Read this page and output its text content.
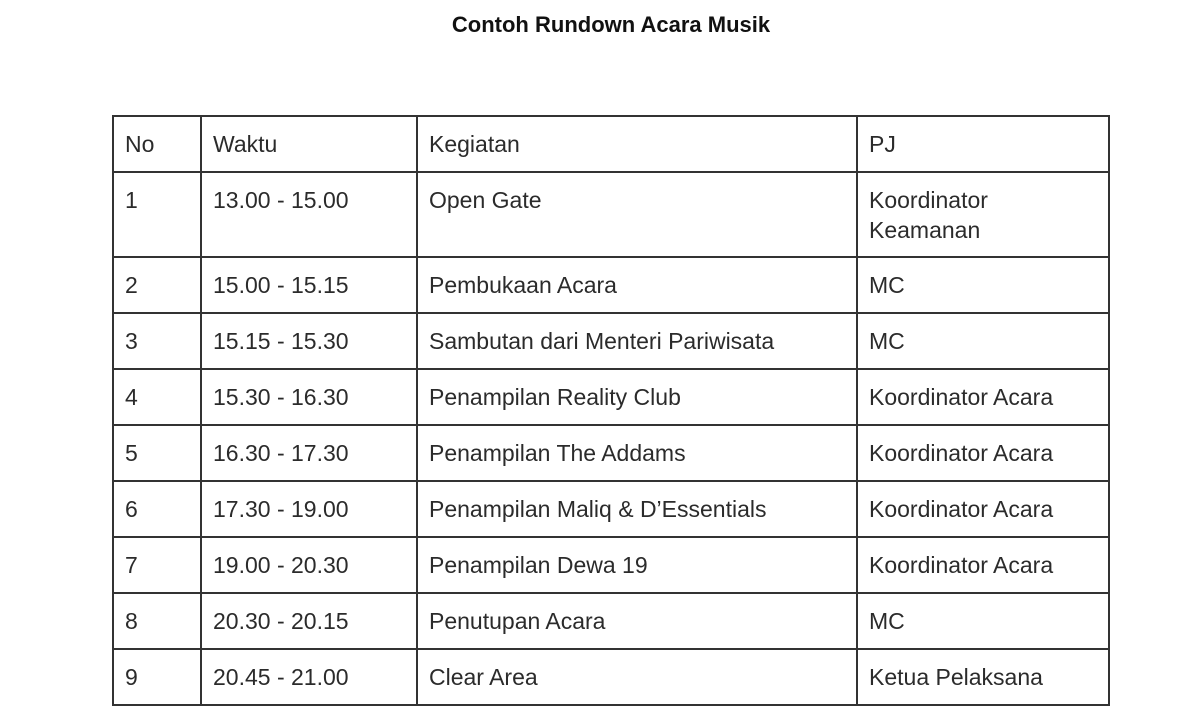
Contoh Rundown Acara Musik
No	Waktu	Kegiatan	PJ
1	13.00 - 15.00	Open Gate	Koordinator Keamanan
2	15.00 - 15.15	Pembukaan Acara	MC
3	15.15 - 15.30	Sambutan dari Menteri Pariwisata	MC
4	15.30 - 16.30	Penampilan Reality Club	Koordinator Acara
5	16.30 - 17.30	Penampilan The Addams	Koordinator Acara
6	17.30 - 19.00	Penampilan Maliq & D’Essentials	Koordinator Acara
7	19.00 - 20.30	Penampilan Dewa 19	Koordinator Acara
8	20.30 - 20.15	Penutupan Acara	MC
9	20.45 - 21.00	Clear Area	Ketua Pelaksana
